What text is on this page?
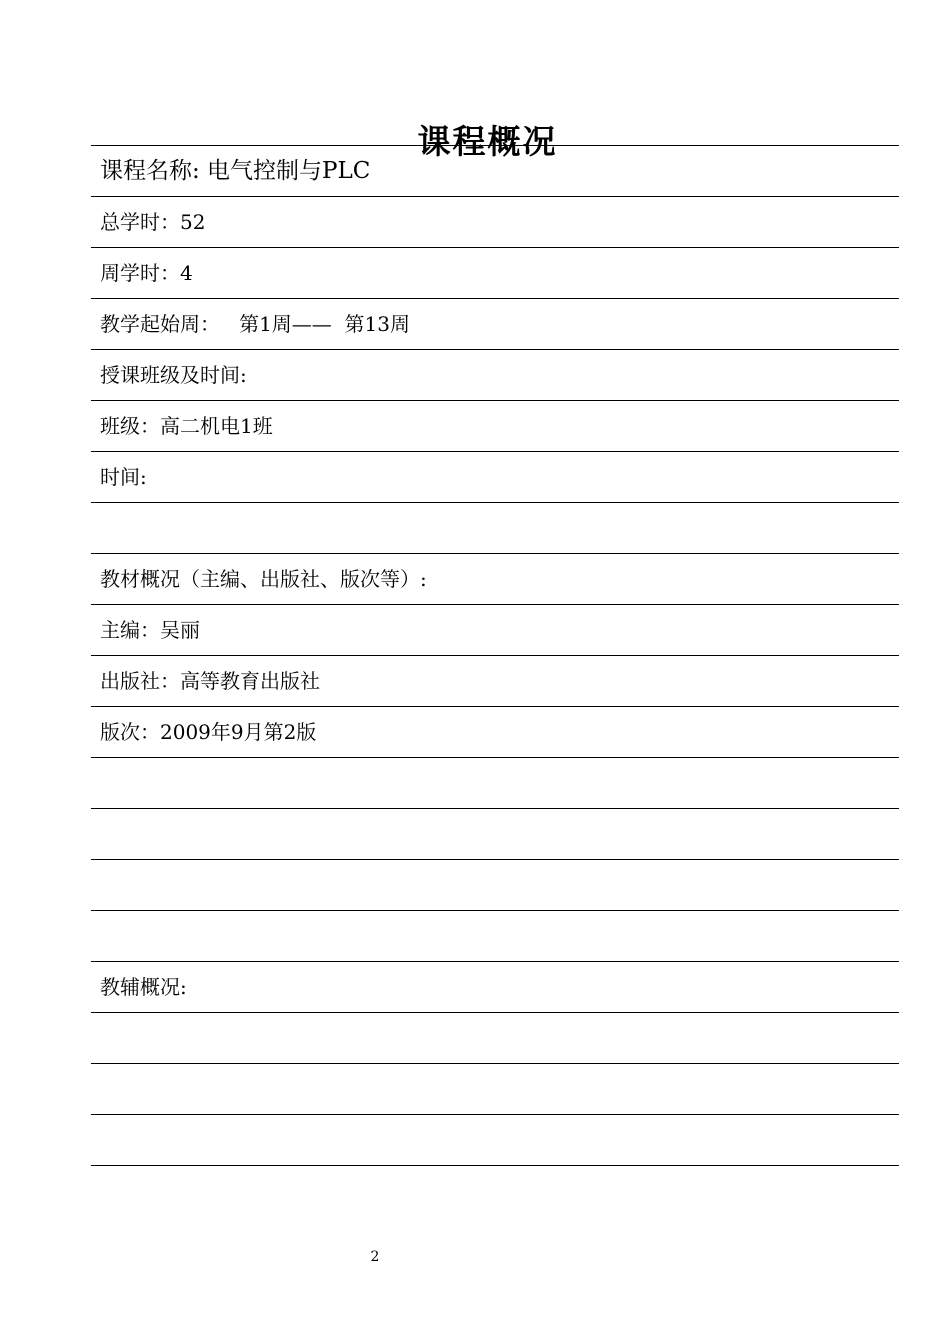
课程概况
课程名称: 电气控制与PLC
总学时：52
周学时：4
教学起始周：   第1周——  第13周
授课班级及时间:
班级：高二机电1班
时间:
教材概况（主编、出版社、版次等）:
主编：吴丽
出版社：高等教育出版社
版次：2009年9月第2版
教辅概况:
2
